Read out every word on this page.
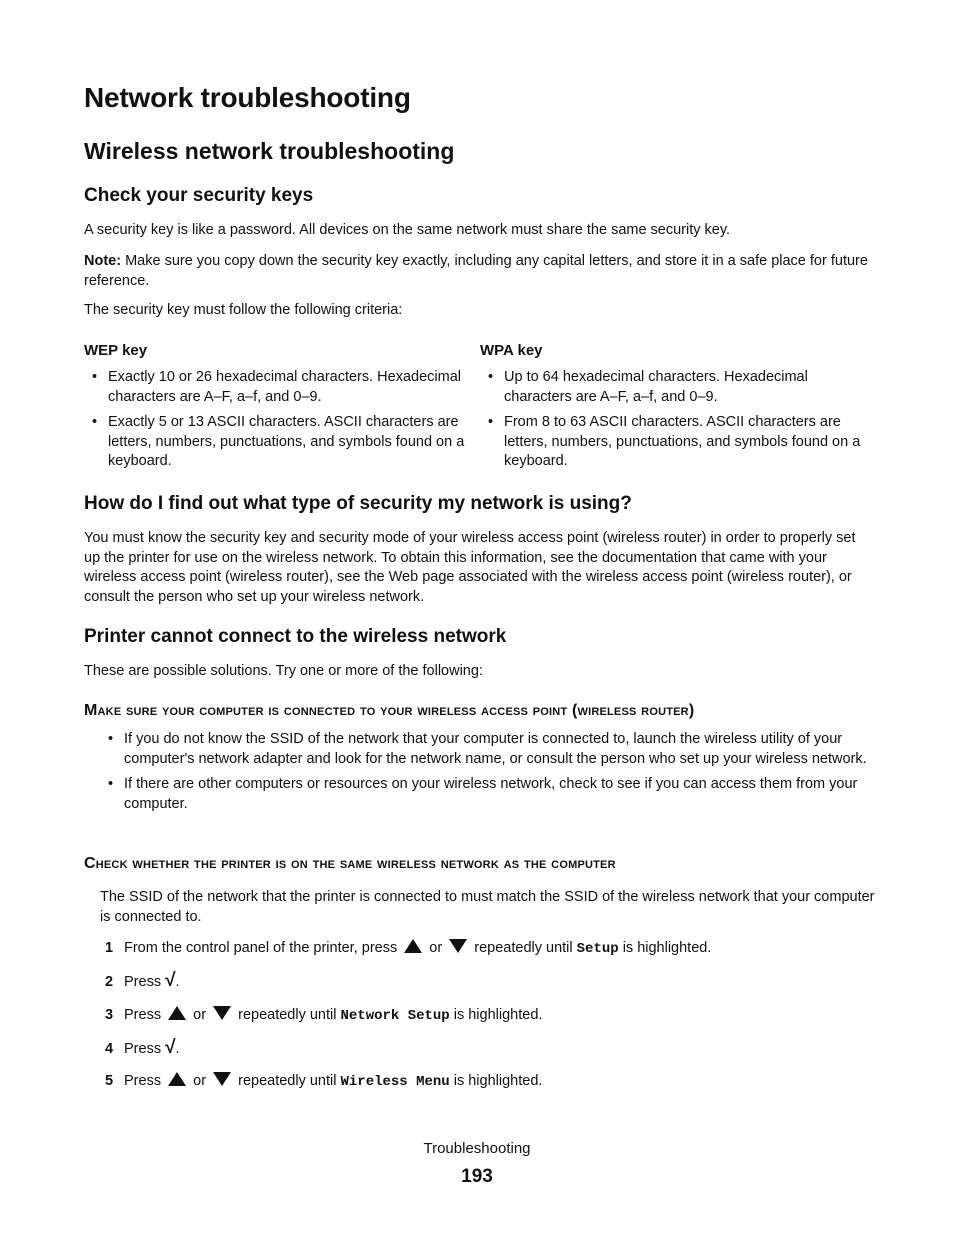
Network troubleshooting
Wireless network troubleshooting
Check your security keys
A security key is like a password. All devices on the same network must share the same security key.
Note: Make sure you copy down the security key exactly, including any capital letters, and store it in a safe place for future reference.
The security key must follow the following criteria:
WEP key
• Exactly 10 or 26 hexadecimal characters. Hexadecimal characters are A–F, a–f, and 0–9.
• Exactly 5 or 13 ASCII characters. ASCII characters are letters, numbers, punctuations, and symbols found on a keyboard.
WPA key
• Up to 64 hexadecimal characters. Hexadecimal characters are A–F, a–f, and 0–9.
• From 8 to 63 ASCII characters. ASCII characters are letters, numbers, punctuations, and symbols found on a keyboard.
How do I find out what type of security my network is using?
You must know the security key and security mode of your wireless access point (wireless router) in order to properly set up the printer for use on the wireless network. To obtain this information, see the documentation that came with your wireless access point (wireless router), see the Web page associated with the wireless access point (wireless router), or consult the person who set up your wireless network.
Printer cannot connect to the wireless network
These are possible solutions. Try one or more of the following:
Make sure your computer is connected to your wireless access point (wireless router)
• If you do not know the SSID of the network that your computer is connected to, launch the wireless utility of your computer's network adapter and look for the network name, or consult the person who set up your wireless network.
• If there are other computers or resources on your wireless network, check to see if you can access them from your computer.
Check whether the printer is on the same wireless network as the computer
The SSID of the network that the printer is connected to must match the SSID of the wireless network that your computer is connected to.
1 From the control panel of the printer, press or repeatedly until Setup is highlighted.
2 Press √.
3 Press or repeatedly until Network Setup is highlighted.
4 Press √.
5 Press or repeatedly until Wireless Menu is highlighted.
Troubleshooting
193
